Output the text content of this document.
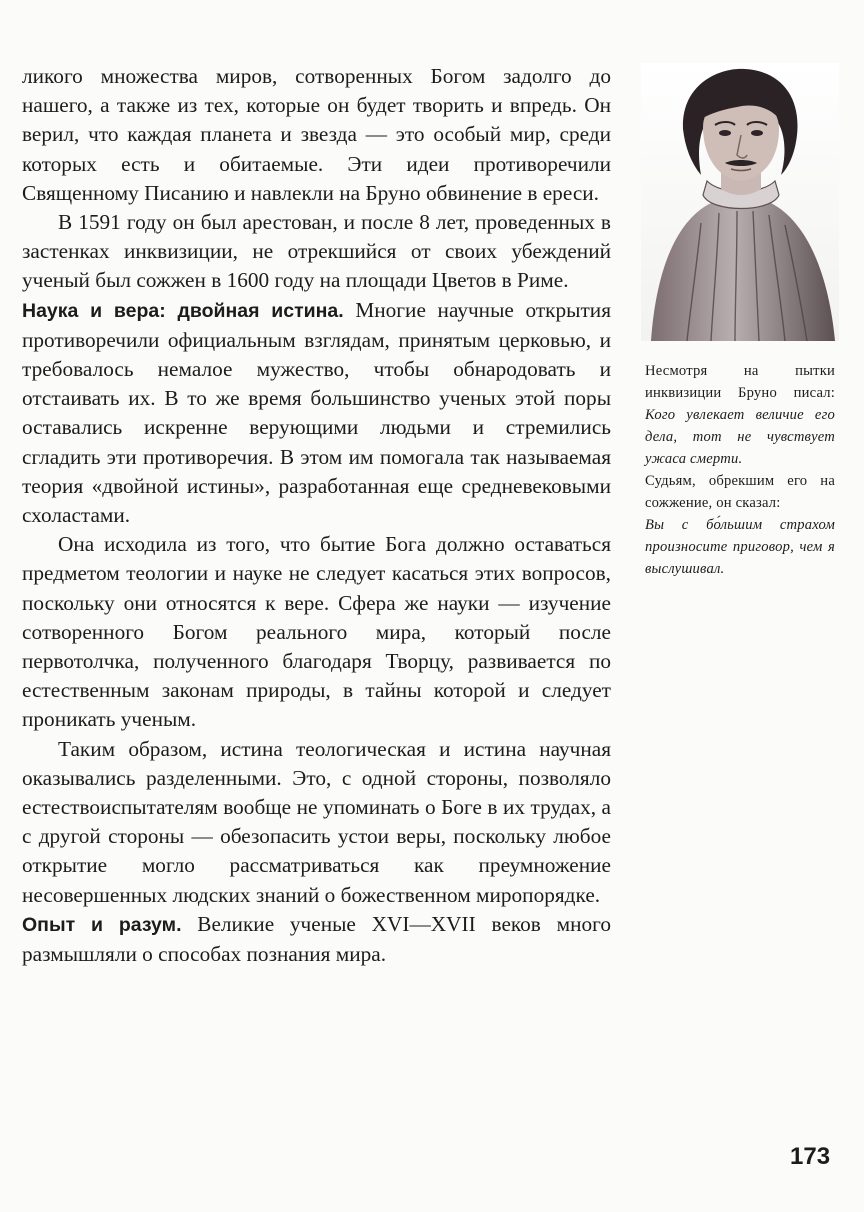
ликого множества миров, сотворенных Богом задолго до нашего, а также из тех, которые он будет творить и впредь. Он верил, что каждая планета и звезда — это особый мир, среди которых есть и обитаемые. Эти идеи противоречили Священному Писанию и навлекли на Бруно обвинение в ереси.

В 1591 году он был арестован, и после 8 лет, проведенных в застенках инквизиции, не отрекшийся от своих убеждений ученый был сожжен в 1600 году на площади Цветов в Риме.

Наука и вера: двойная истина. Многие научные открытия противоречили официальным взглядам, принятым церковью, и требовалось немалое мужество, чтобы обнародовать и отстаивать их. В то же время большинство ученых этой поры оставались искренне верующими людьми и стремились сгладить эти противоречия. В этом им помогала так называемая теория «двойной истины», разработанная еще средневековыми схоластами.

Она исходила из того, что бытие Бога должно оставаться предметом теологии и науке не следует касаться этих вопросов, поскольку они относятся к вере. Сфера же науки — изучение сотворенного Богом реального мира, который после первотолчка, полученного благодаря Творцу, развивается по естественным законам природы, в тайны которой и следует проникать ученым.

Таким образом, истина теологическая и истина научная оказывались разделенными. Это, с одной стороны, позволяло естествоиспытателям вообще не упоминать о Боге в их трудах, а с другой стороны — обезопасить устои веры, поскольку любое открытие могло рассматриваться как преумножение несовершенных людских знаний о божественном миропорядке.

Опыт и разум. Великие ученые XVI—XVII веков много размышляли о способах познания мира.

Несмотря на пытки инквизиции Бруно писал: Кого увлекает величие его дела, тот не чувствует ужаса смерти.

Судьям, обрекшим его на сожжение, он сказал:

Вы с бо́льшим страхом произносите приговор, чем я выслушивал.

173
